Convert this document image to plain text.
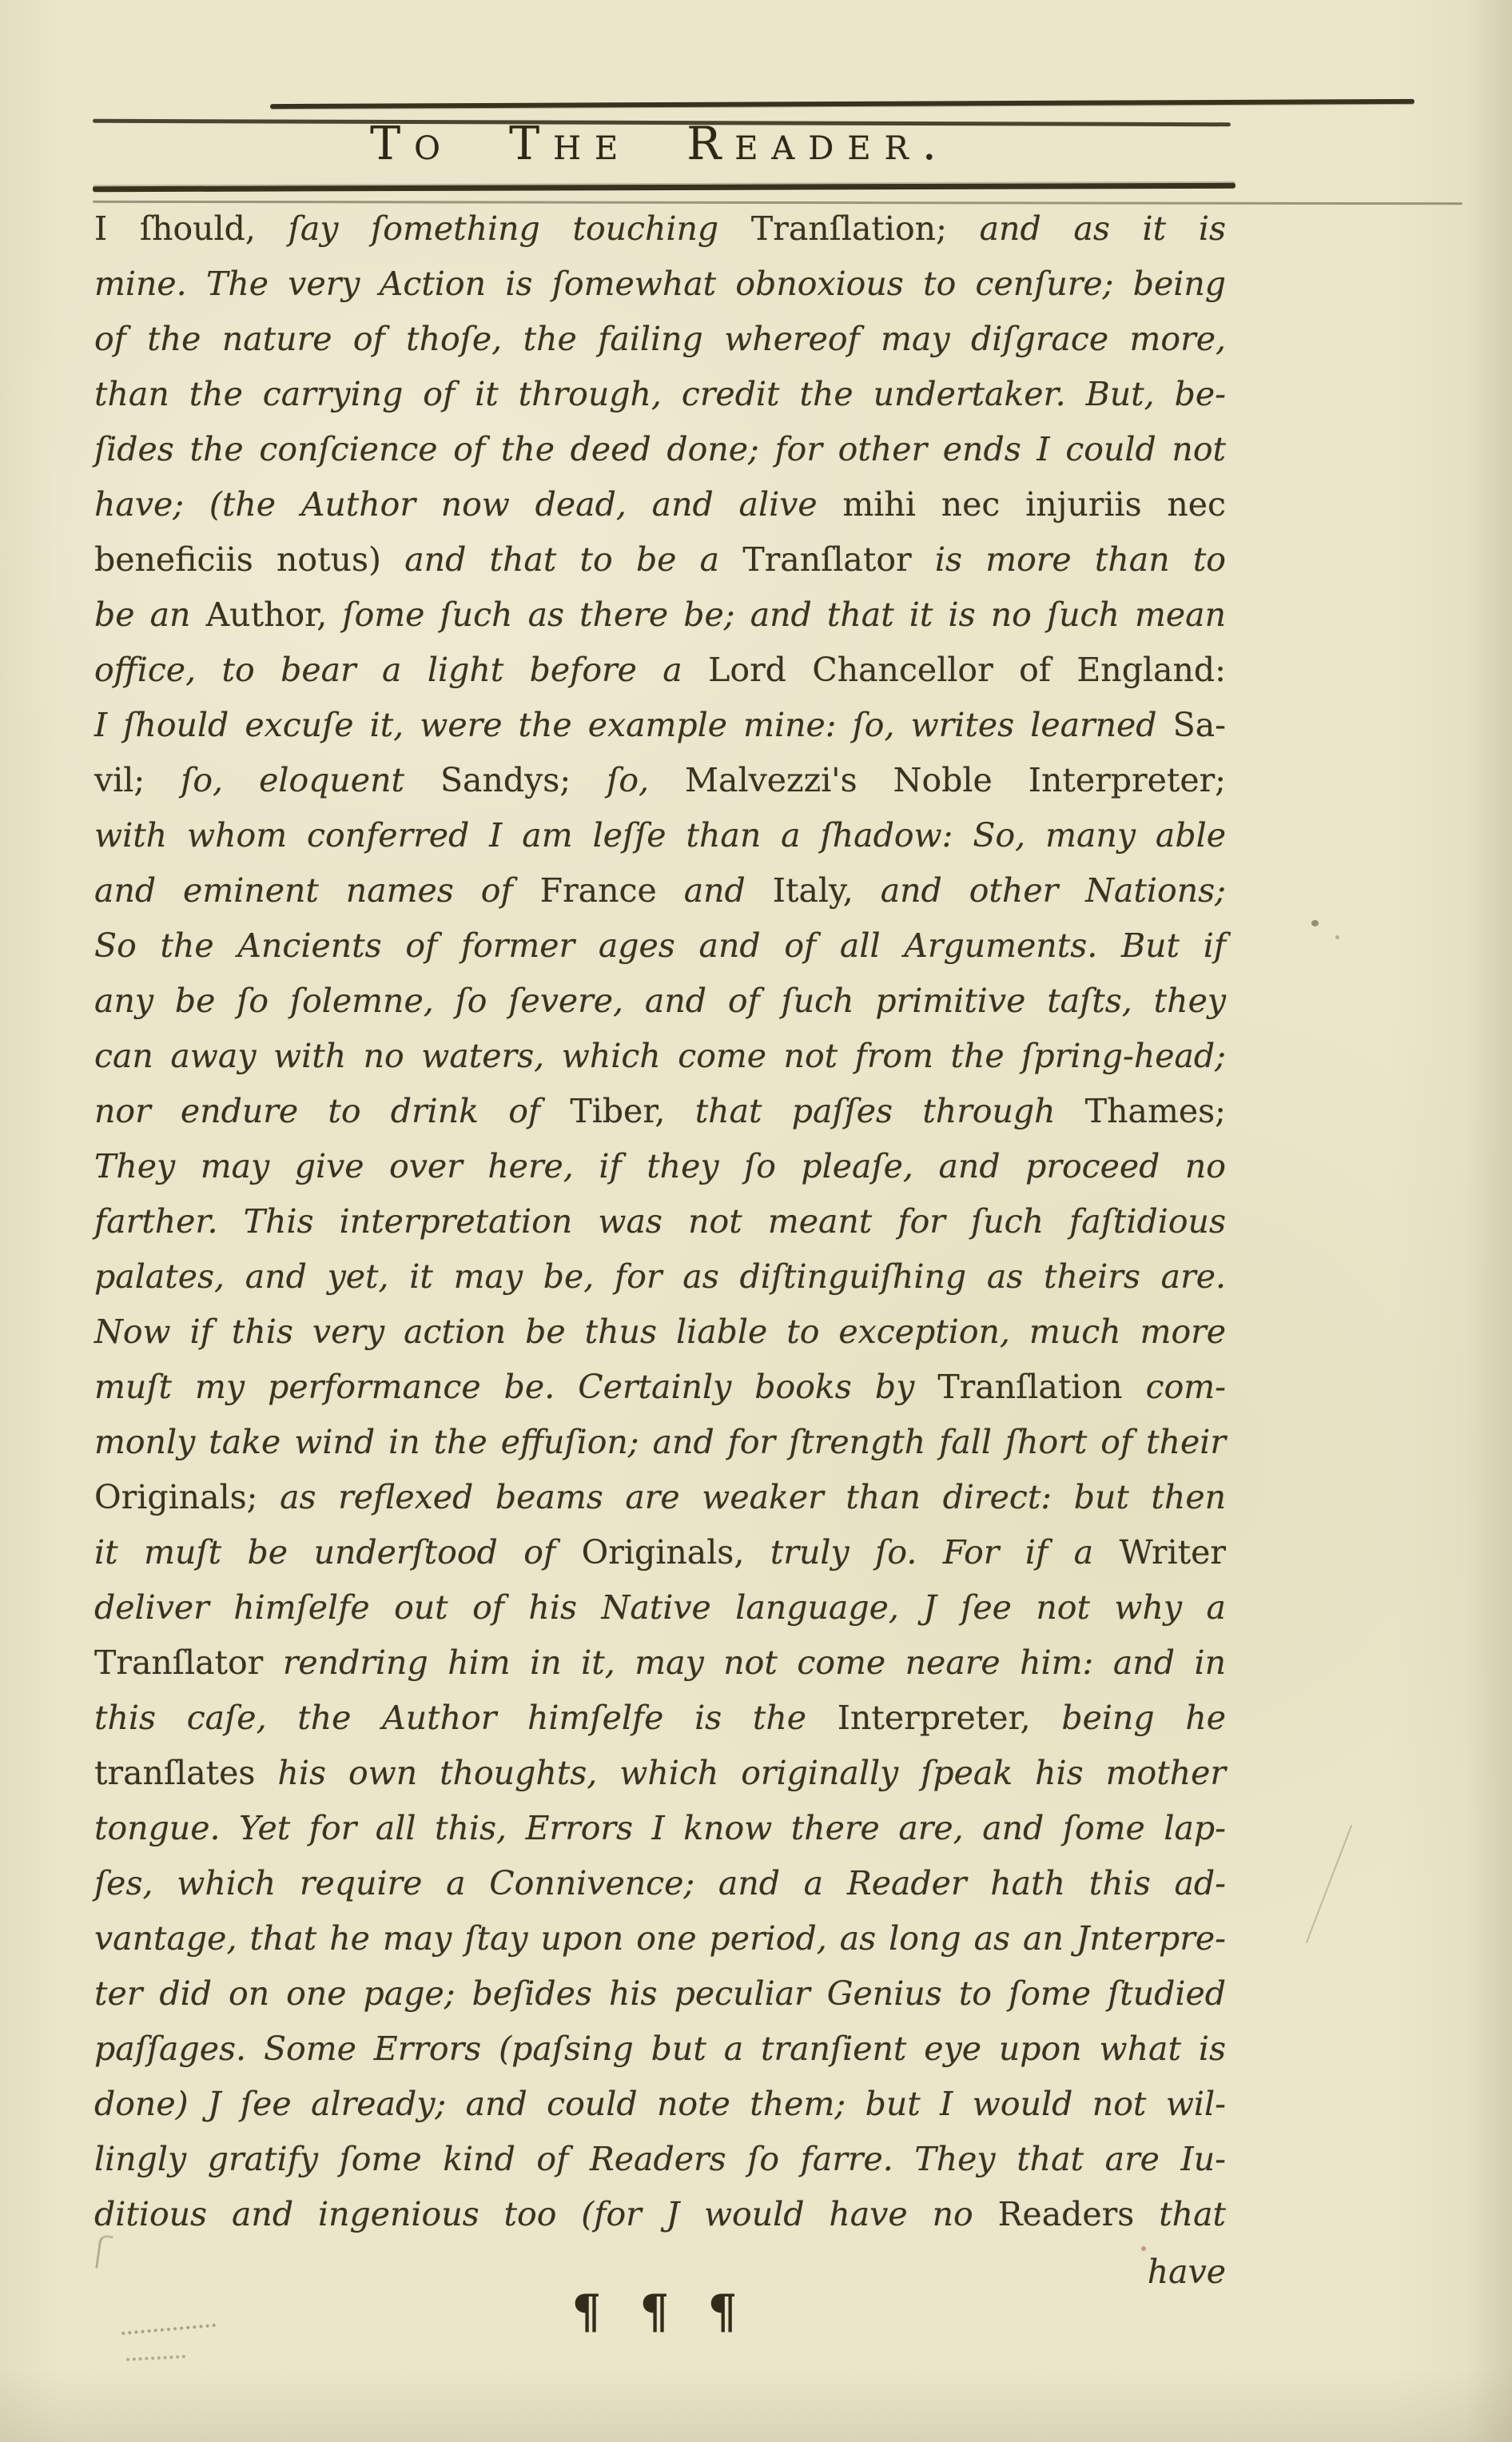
To The Reader.
I ſhould, ſay ſomething touching Tranſlation; and as it is
mine. The very Action is ſomewhat obnoxious to cenſure; being
of the nature of thoſe, the failing whereof may diſgrace more,
than the carrying of it through, credit the undertaker. But, be-
ſides the conſcience of the deed done; for other ends I could not
have; (the Author now dead, and alive mihi nec injuriis nec
beneficiis notus) and that to be a Tranſlator is more than to
be an Author, ſome ſuch as there be; and that it is no ſuch mean
office, to bear a light before a Lord Chancellor of England:
I ſhould excuſe it, were the example mine: ſo, writes learned Sa-
vil; ſo, eloquent Sandys; ſo, Malvezzi's Noble Interpreter;
with whom conferred I am leſſe than a ſhadow: So, many able
and eminent names of France and Italy, and other Nations;
So the Ancients of former ages and of all Arguments. But if
any be ſo ſolemne, ſo ſevere, and of ſuch primitive taſts, they
can away with no waters, which come not from the ſpring-head;
nor endure to drink of Tiber, that paſſes through Thames;
They may give over here, if they ſo pleaſe, and proceed no
farther. This interpretation was not meant for ſuch faſtidious
palates, and yet, it may be, for as diſtinguiſhing as theirs are.
Now if this very action be thus liable to exception, much more
muſt my performance be. Certainly books by Tranſlation com-
monly take wind in the effuſion; and for ſtrength fall ſhort of their
Originals; as reflexed beams are weaker than direct: but then
it muſt be underſtood of Originals, truly ſo. For if a Writer
deliver himſelfe out of his Native language, J ſee not why a
Tranſlator rendring him in it, may not come neare him: and in
this caſe, the Author himſelfe is the Interpreter, being he
tranſlates his own thoughts, which originally ſpeak his mother
tongue. Yet for all this, Errors I know there are, and ſome lap-
ſes, which require a Connivence; and a Reader hath this ad-
vantage, that he may ſtay upon one period, as long as an Jnterpre-
ter did on one page; beſides his peculiar Genius to ſome ſtudied
paſſages. Some Errors (paſsing but a tranſient eye upon what is
done) J ſee already; and could note them; but I would not wil-
lingly gratify ſome kind of Readers ſo farre. They that are Iu-
ditious and ingenious too (for J would have no Readers that

have

¶ ¶ ¶
